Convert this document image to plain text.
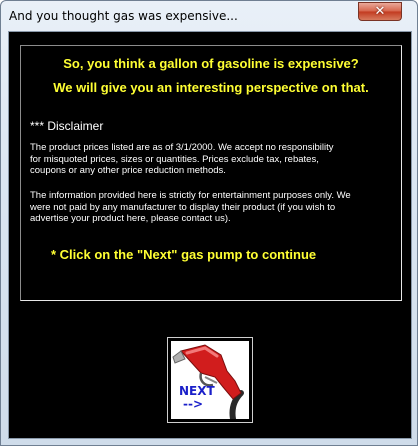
And you thought gas was expensive...	✕
So, you think a gallon of gasoline is expensive?
We will give you an interesting perspective on that.
*** Disclaimer
The product prices listed are as of 3/1/2000. We accept no responsibility
for misquoted prices, sizes or quantities. Prices exclude tax, rebates,
coupons or any other price reduction methods.
The information provided here is strictly for entertainment purposes only. We
were not paid by any manufacturer to display their product (if you wish to
advertise your product here, please contact us).
* Click on the "Next" gas pump to continue
NEXT
-->
